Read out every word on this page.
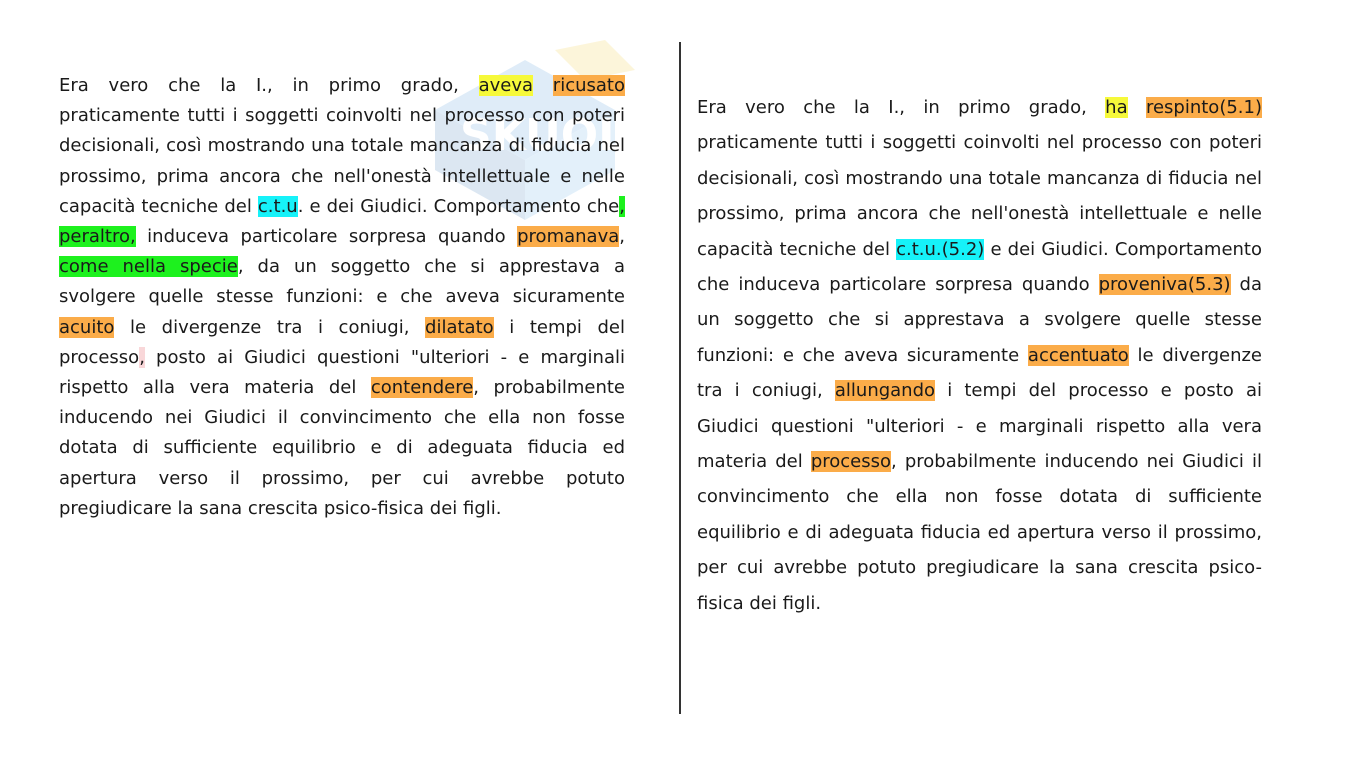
SKUOLA.net

Era vero che la I., in primo grado, aveva ricusato praticamente tutti i soggetti coinvolti nel processo con poteri decisionali, così mostrando una totale mancanza di fiducia nel prossimo, prima ancora che nell'onestà intellettuale e nelle capacità tecniche del c.t.u. e dei Giudici. Comportamento che, peraltro, induceva particolare sorpresa quando promanava, come nella specie, da un soggetto che si apprestava a svolgere quelle stesse funzioni: e che aveva sicuramente acuito le divergenze tra i coniugi, dilatato i tempi del processo, posto ai Giudici questioni "ulteriori - e marginali rispetto alla vera materia del contendere, probabilmente inducendo nei Giudici il convincimento che ella non fosse dotata di sufficiente equilibrio e di adeguata fiducia ed apertura verso il prossimo, per cui avrebbe potuto pregiudicare la sana crescita psico-fisica dei figli.

Era vero che la I., in primo grado, ha respinto(5.1) praticamente tutti i soggetti coinvolti nel processo con poteri decisionali, così mostrando una totale mancanza di fiducia nel prossimo, prima ancora che nell'onestà intellettuale e nelle capacità tecniche del c.t.u.(5.2) e dei Giudici. Comportamento che induceva particolare sorpresa quando proveniva(5.3) da un soggetto che si apprestava a svolgere quelle stesse funzioni: e che aveva sicuramente accentuato le divergenze tra i coniugi, allungando i tempi del processo e posto ai Giudici questioni "ulteriori - e marginali rispetto alla vera materia del processo, probabilmente inducendo nei Giudici il convincimento che ella non fosse dotata di sufficiente equilibrio e di adeguata fiducia ed apertura verso il prossimo, per cui avrebbe potuto pregiudicare la sana crescita psico-fisica dei figli.
